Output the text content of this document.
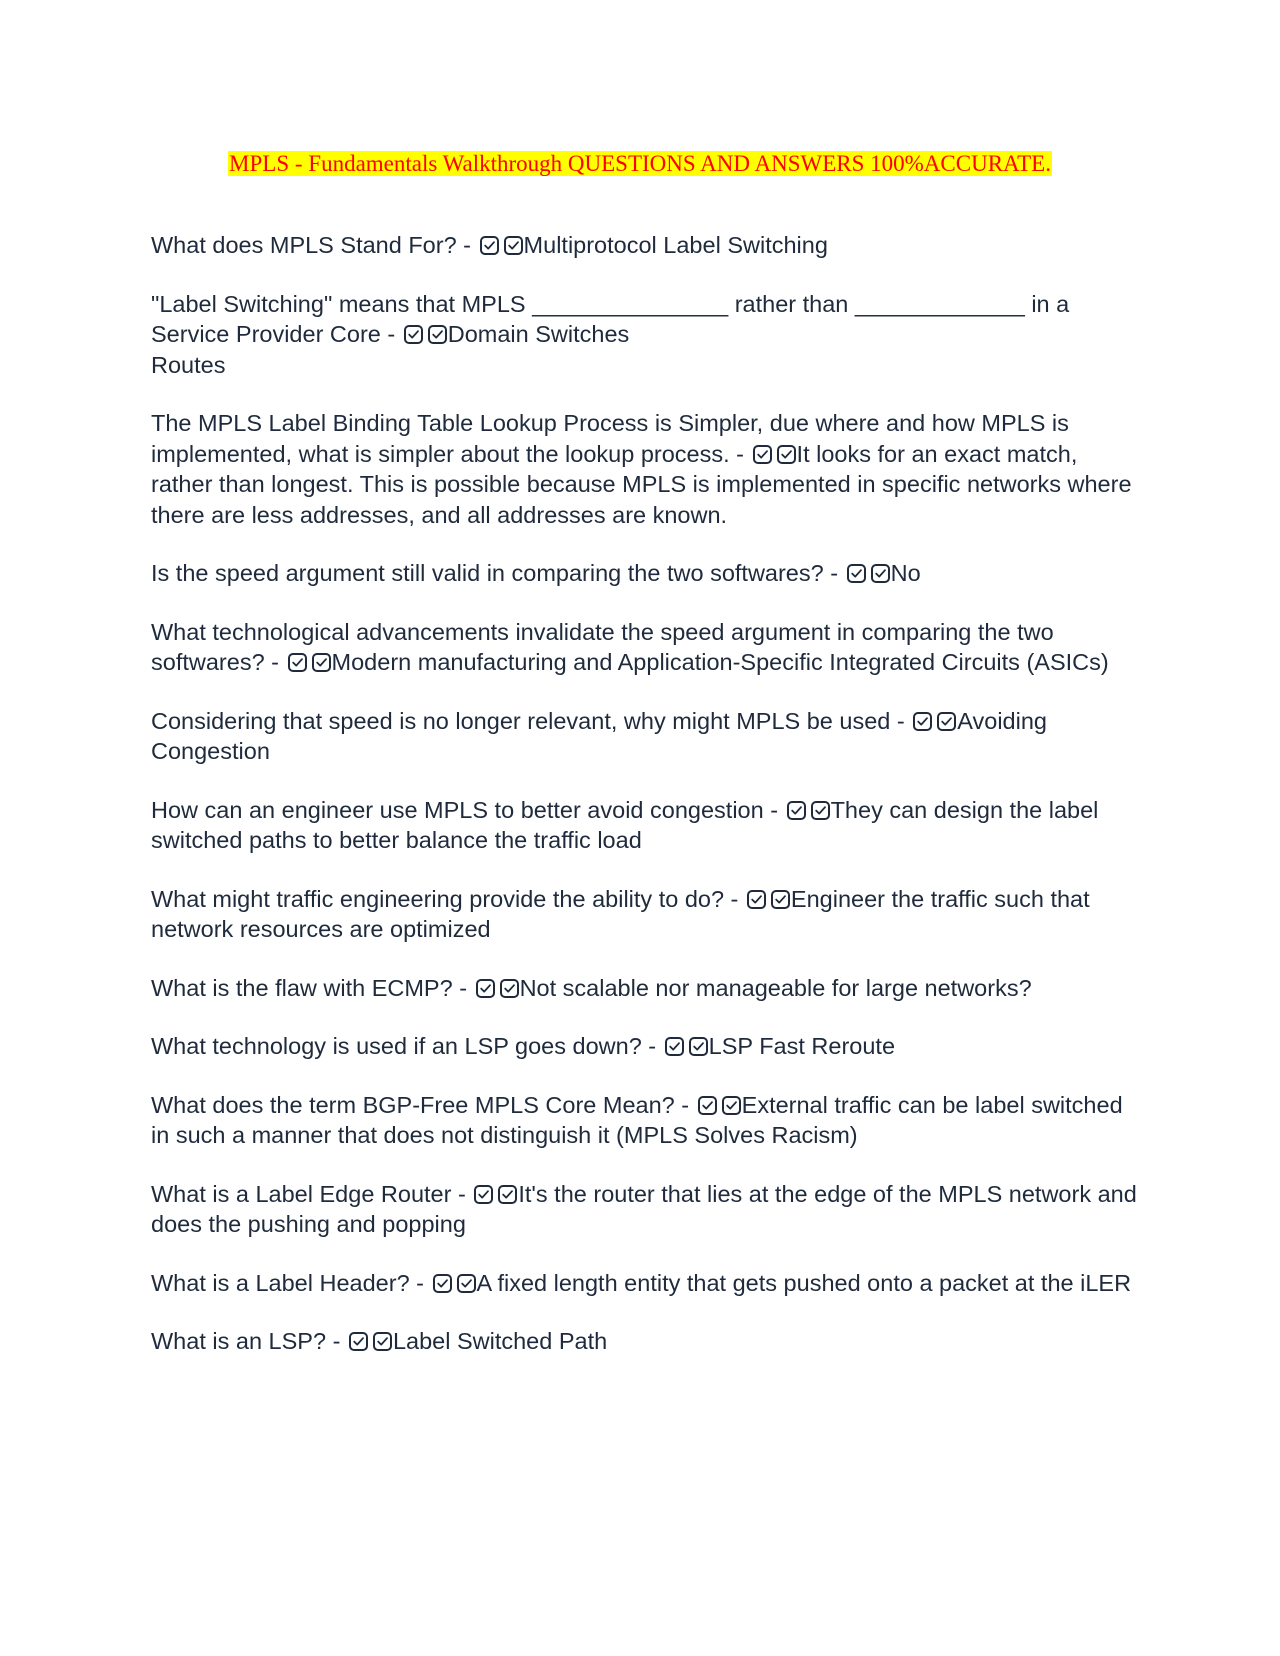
MPLS - Fundamentals Walkthrough QUESTIONS AND ANSWERS 100%ACCURATE.
What does MPLS Stand For? -
Multiprotocol Label Switching
"Label Switching" means that MPLS _______________ rather than _____________ in a Service Provider Core -
Domain Switches
Routes
The MPLS Label Binding Table Lookup Process is Simpler, due where and how MPLS is implemented, what is simpler about the lookup process. -
It looks for an exact match, rather than longest. This is possible because MPLS is implemented in specific networks where there are less addresses, and all addresses are known.
Is the speed argument still valid in comparing the two softwares? -
No
What technological advancements invalidate the speed argument in comparing the two softwares? -
Modern manufacturing and Application-Specific Integrated Circuits (ASICs)
Considering that speed is no longer relevant, why might MPLS be used -
Avoiding Congestion
How can an engineer use MPLS to better avoid congestion -
They can design the label switched paths to better balance the traffic load
What might traffic engineering provide the ability to do? -
Engineer the traffic such that network resources are optimized
What is the flaw with ECMP? -
Not scalable nor manageable for large networks?
What technology is used if an LSP goes down? -
LSP Fast Reroute
What does the term BGP-Free MPLS Core Mean? -
External traffic can be label switched in such a manner that does not distinguish it (MPLS Solves Racism)
What is a Label Edge Router -
It's the router that lies at the edge of the MPLS network and does the pushing and popping
What is a Label Header? -
A fixed length entity that gets pushed onto a packet at the iLER
What is an LSP? -
Label Switched Path
